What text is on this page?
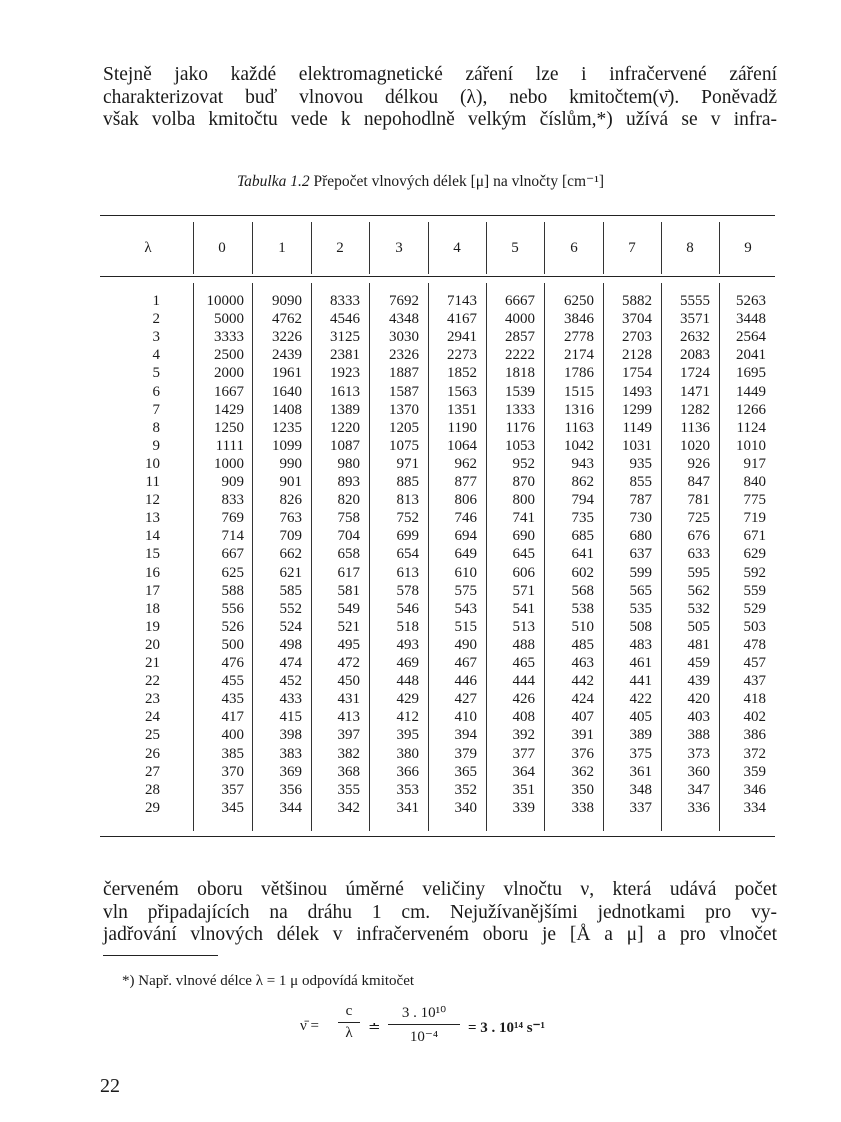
Stejně jako každé elektromagnetické záření lze i infračervené záření
charakterizovat buď vlnovou délkou (λ), nebo kmitočtem(ν̄). Poněvadž
však volba kmitočtu vede k nepohodlně velkým číslům,*) užívá se v infra-
Tabulka 1.2 Přepočet vlnových délek [μ] na vlnočty [cm⁻¹]
λ	0	1	2	3	4	5	6	7	8	9
1	10000	9090	8333	7692	7143	6667	6250	5882	5555	5263
2	5000	4762	4546	4348	4167	4000	3846	3704	3571	3448
3	3333	3226	3125	3030	2941	2857	2778	2703	2632	2564
4	2500	2439	2381	2326	2273	2222	2174	2128	2083	2041
5	2000	1961	1923	1887	1852	1818	1786	1754	1724	1695
6	1667	1640	1613	1587	1563	1539	1515	1493	1471	1449
7	1429	1408	1389	1370	1351	1333	1316	1299	1282	1266
8	1250	1235	1220	1205	1190	1176	1163	1149	1136	1124
9	1111	1099	1087	1075	1064	1053	1042	1031	1020	1010
10	1000	990	980	971	962	952	943	935	926	917
11	909	901	893	885	877	870	862	855	847	840
12	833	826	820	813	806	800	794	787	781	775
13	769	763	758	752	746	741	735	730	725	719
14	714	709	704	699	694	690	685	680	676	671
15	667	662	658	654	649	645	641	637	633	629
16	625	621	617	613	610	606	602	599	595	592
17	588	585	581	578	575	571	568	565	562	559
18	556	552	549	546	543	541	538	535	532	529
19	526	524	521	518	515	513	510	508	505	503
20	500	498	495	493	490	488	485	483	481	478
21	476	474	472	469	467	465	463	461	459	457
22	455	452	450	448	446	444	442	441	439	437
23	435	433	431	429	427	426	424	422	420	418
24	417	415	413	412	410	408	407	405	403	402
25	400	398	397	395	394	392	391	389	388	386
26	385	383	382	380	379	377	376	375	373	372
27	370	369	368	366	365	364	362	361	360	359
28	357	356	355	353	352	351	350	348	347	346
29	345	344	342	341	340	339	338	337	336	334
červeném oboru většinou úměrné veličiny vlnočtu ν, která udává počet
vln připadajících na dráhu 1 cm. Nejužívanějšími jednotkami pro vy-
jadřování vlnových délek v infračerveném oboru je [Å a μ] a pro vlnočet
*) Např. vlnové délce λ = 1 μ odpovídá kmitočet
ν̄ =
c
λ	≐
3 . 10¹⁰
10⁻⁴
= 3 . 10¹⁴ s⁻¹
22
